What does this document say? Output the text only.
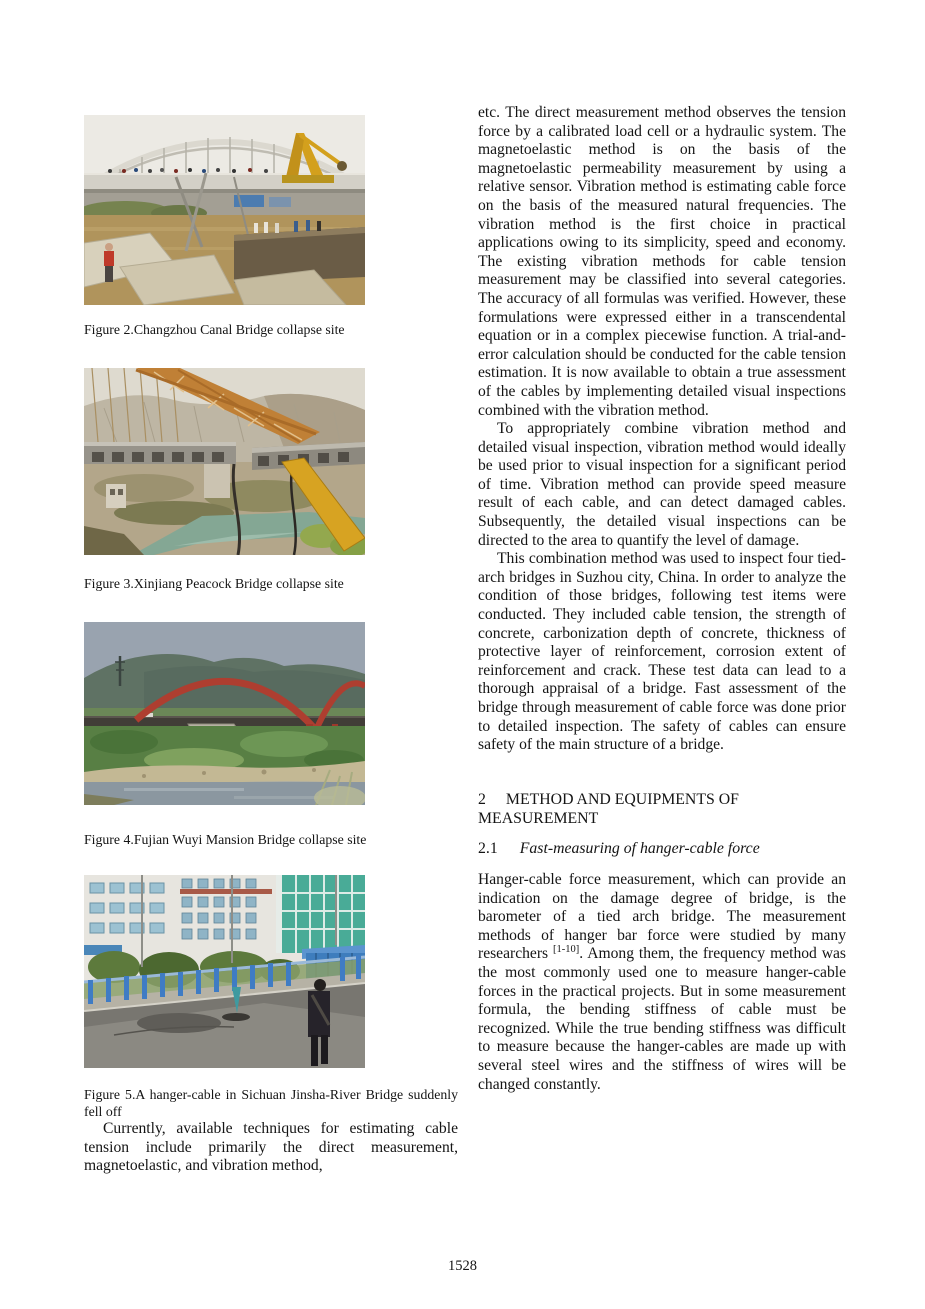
Figure 2.Changzhou Canal Bridge collapse site
Figure 3.Xinjiang Peacock Bridge collapse site
Figure 4.Fujian Wuyi Mansion Bridge collapse site
Figure 5.A hanger-cable in Sichuan Jinsha-River Bridge suddenly fell off

Currently, available techniques for estimating cable tension include primarily the direct measurement, magnetoelastic, and vibration method,

etc. The direct measurement method observes the tension force by a calibrated load cell or a hydraulic system. The magnetoelastic method is on the basis of the magnetoelastic permeability measurement by using a relative sensor. Vibration method is estimating cable force on the basis of the measured natural frequencies. The vibration method is the first choice in practical applications owing to its simplicity, speed and economy. The existing vibration methods for cable tension measurement may be classified into several categories. The accuracy of all formulas was verified. However, these formulations were expressed either in a transcendental equation or in a complex piecewise function. A trial-and-error calculation should be conducted for the cable tension estimation. It is now available to obtain a true assessment of the cables by implementing detailed visual inspections combined with the vibration method.

To appropriately combine vibration method and detailed visual inspection, vibration method would ideally be used prior to visual inspection for a significant period of time. Vibration method can provide speed measure result of each cable, and can detect damaged cables. Subsequently, the detailed visual inspections can be directed to the area to quantify the level of damage.

This combination method was used to inspect four tied-arch bridges in Suzhou city, China. In order to analyze the condition of those bridges, following test items were conducted. They included cable tension, the strength of concrete, carbonization depth of concrete, thickness of protective layer of reinforcement, corrosion extent of reinforcement and crack. These test data can lead to a thorough appraisal of a bridge. Fast assessment of the bridge through measurement of cable force was done prior to detailed inspection. The safety of cables can ensure safety of the main structure of a bridge.

2 METHOD AND EQUIPMENTS OF MEASUREMENT
2.1 Fast-measuring of hanger-cable force

Hanger-cable force measurement, which can provide an indication on the damage degree of bridge, is the barometer of a tied arch bridge. The measurement methods of hanger bar force were studied by many researchers [1-10]. Among them, the frequency method was the most commonly used one to measure hanger-cable forces in the practical projects. But in some measurement formula, the bending stiffness of cable must be recognized. While the true bending stiffness was difficult to measure because the hanger-cables are made up with several steel wires and the stiffness of wires will be changed constantly.

1528
